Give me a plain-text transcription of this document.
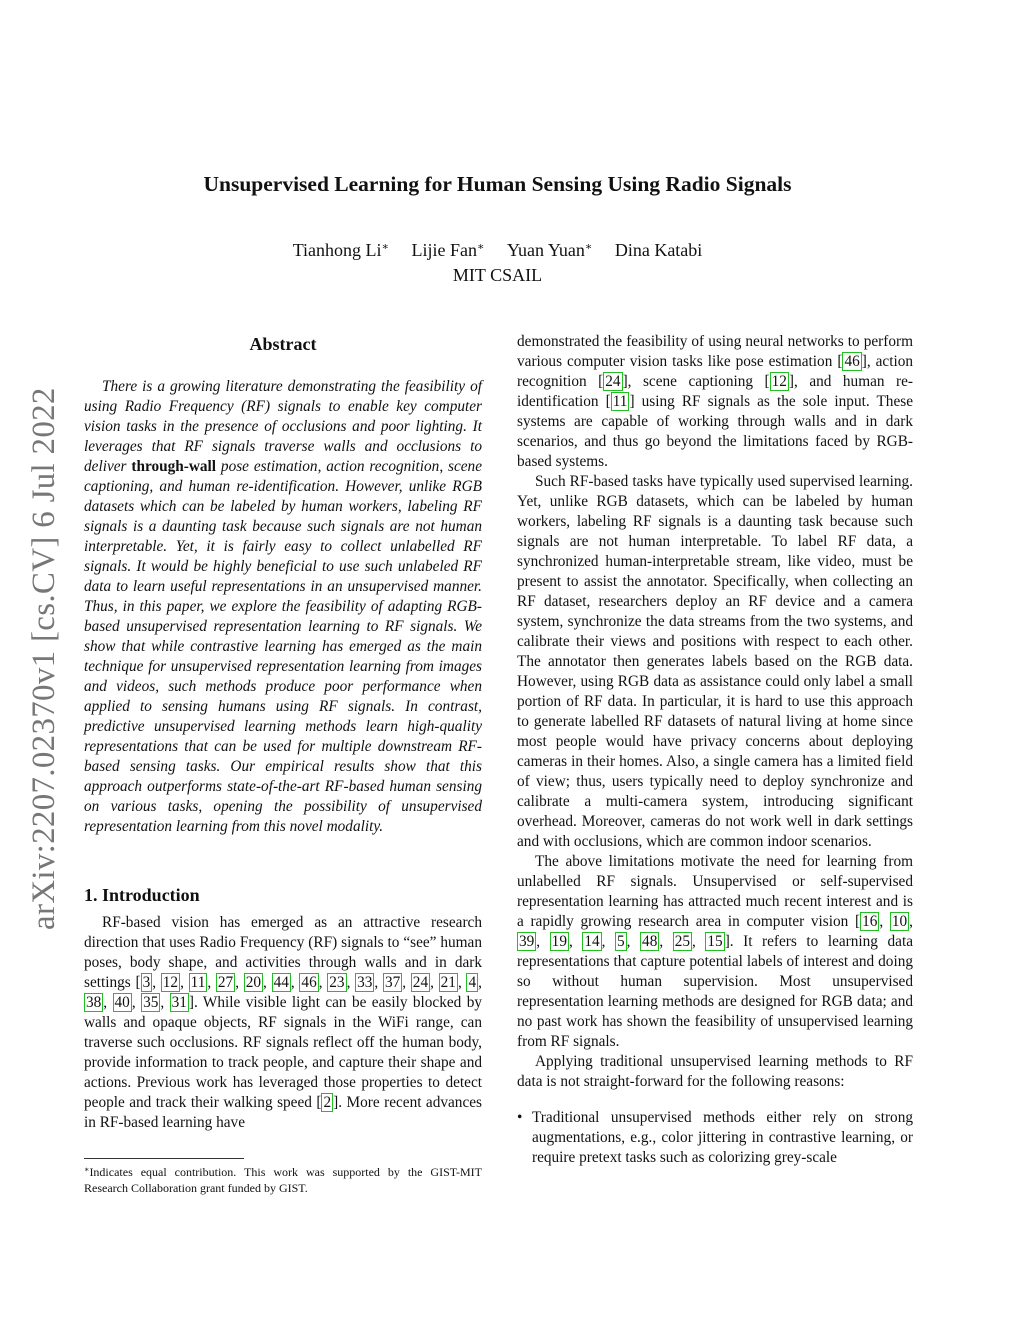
arXiv:2207.02370v1 [cs.CV] 6 Jul 2022
Unsupervised Learning for Human Sensing Using Radio Signals
Tianhong Li∗ Lijie Fan∗ Yuan Yuan∗ Dina Katabi
MIT CSAIL
Abstract

There is a growing literature demonstrating the feasibility of using Radio Frequency (RF) signals to enable key computer vision tasks in the presence of occlusions and poor lighting. It leverages that RF signals traverse walls and occlusions to deliver through-wall pose estimation, action recognition, scene captioning, and human re-identification. However, unlike RGB datasets which can be labeled by human workers, labeling RF signals is a daunting task because such signals are not human interpretable. Yet, it is fairly easy to collect unlabelled RF signals. It would be highly beneficial to use such unlabeled RF data to learn useful representations in an unsupervised manner. Thus, in this paper, we explore the feasibility of adapting RGB-based unsupervised representation learning to RF signals. We show that while contrastive learning has emerged as the main technique for unsupervised representation learning from images and videos, such methods produce poor performance when applied to sensing humans using RF signals. In contrast, predictive unsupervised learning methods learn high-quality representations that can be used for multiple downstream RF-based sensing tasks. Our empirical results show that this approach outperforms state-of-the-art RF-based human sensing on various tasks, opening the possibility of unsupervised representation learning from this novel modality.

1. Introduction

RF-based vision has emerged as an attractive research direction that uses Radio Frequency (RF) signals to “see” human poses, body shape, and activities through walls and in dark settings [ 3 , 12 , 11 , 27 , 20 , 44 , 46 , 23 , 33 , 37 , 24 , 21 , 4 , 38 , 40 , 35 , 31 ]. While visible light can be easily blocked by walls and opaque objects, RF signals in the WiFi range, can traverse such occlusions. RF signals reflect off the human body, provide information to track people, and capture their shape and actions. Previous work has leveraged those properties to detect people and track their walking speed [ 2 ]. More recent advances in RF-based learning have

demonstrated the feasibility of using neural networks to perform various computer vision tasks like pose estimation [ 46 ], action recognition [ 24 ], scene captioning [ 12 ], and human re-identification [ 11 ] using RF signals as the sole input. These systems are capable of working through walls and in dark scenarios, and thus go beyond the limitations faced by RGB-based systems.

Such RF-based tasks have typically used supervised learning. Yet, unlike RGB datasets, which can be labeled by human workers, labeling RF signals is a daunting task because such signals are not human interpretable. To label RF data, a synchronized human-interpretable stream, like video, must be present to assist the annotator. Specifically, when collecting an RF dataset, researchers deploy an RF device and a camera system, synchronize the data streams from the two systems, and calibrate their views and positions with respect to each other. The annotator then generates labels based on the RGB data. However, using RGB data as assistance could only label a small portion of RF data. In particular, it is hard to use this approach to generate labelled RF datasets of natural living at home since most people would have privacy concerns about deploying cameras in their homes. Also, a single camera has a limited field of view; thus, users typically need to deploy synchronize and calibrate a multi-camera system, introducing significant overhead. Moreover, cameras do not work well in dark settings and with occlusions, which are common indoor scenarios.

The above limitations motivate the need for learning from unlabelled RF signals. Unsupervised or self-supervised representation learning has attracted much recent interest and is a rapidly growing research area in computer vision [ 16 , 10 , 39 , 19 , 14 , 5 , 48 , 25 , 15 ]. It refers to learning data representations that capture potential labels of interest and doing so without human supervision. Most unsupervised representation learning methods are designed for RGB data; and no past work has shown the feasibility of unsupervised learning from RF signals.

Applying traditional unsupervised learning methods to RF data is not straight-forward for the following reasons:

• Traditional unsupervised methods either rely on strong augmentations, e.g., color jittering in contrastive learning, or require pretext tasks such as colorizing grey-scale
∗Indicates equal contribution. This work was supported by the GIST-MIT Research Collaboration grant funded by GIST.
